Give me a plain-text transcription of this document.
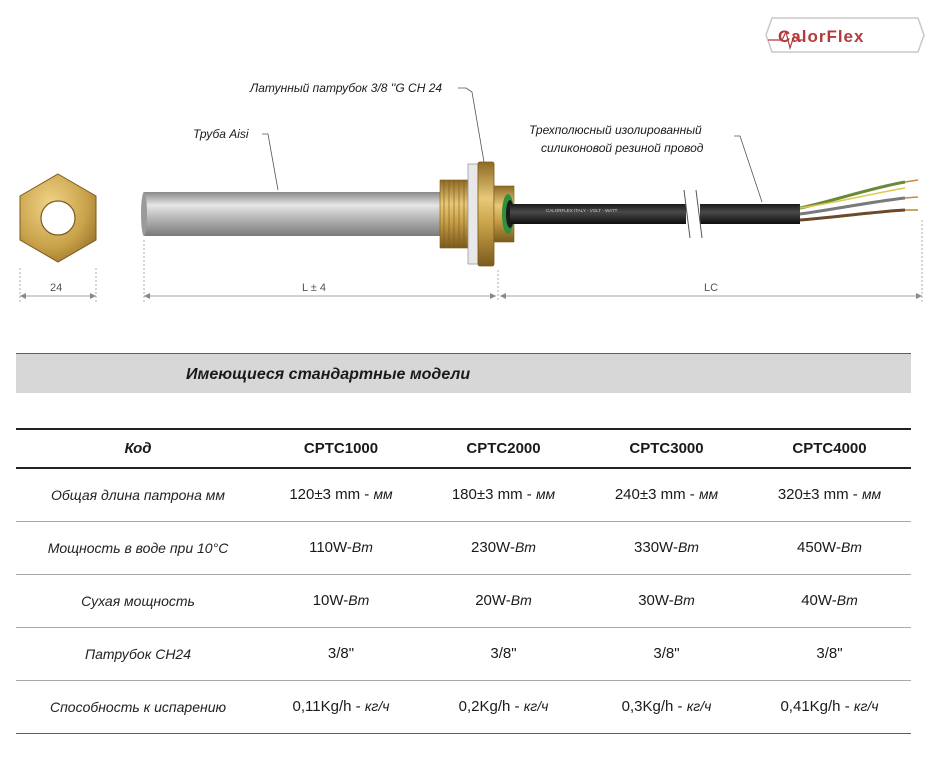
CalorFlex
CALORFLEX ITALY - VOLT - WATT
Труба Aisi
Латунный патрубок 3/8 ''G CH 24
Трехполюсный изолированный
силиконовой резиной провод
24	L ± 4	LC
Имеющиеся стандартные модели
Код	CPTC1000	CPTC2000	CPTC3000	CPTC4000
Общая длина патрона мм	120±3 mm - мм	180±3 mm - мм	240±3 mm - мм	320±3 mm - мм
Мощность в воде при 10°C	110W-Вт	230W-Вт	330W-Вт	450W-Вт
Сухая мощность	10W-Вт	20W-Вт	30W-Вт	40W-Вт
Патрубок CH24	3/8"	3/8"	3/8"	3/8"
Способность к испарению	0,11Kg/h - кг/ч	0,2Kg/h - кг/ч	0,3Kg/h - кг/ч	0,41Kg/h - кг/ч
